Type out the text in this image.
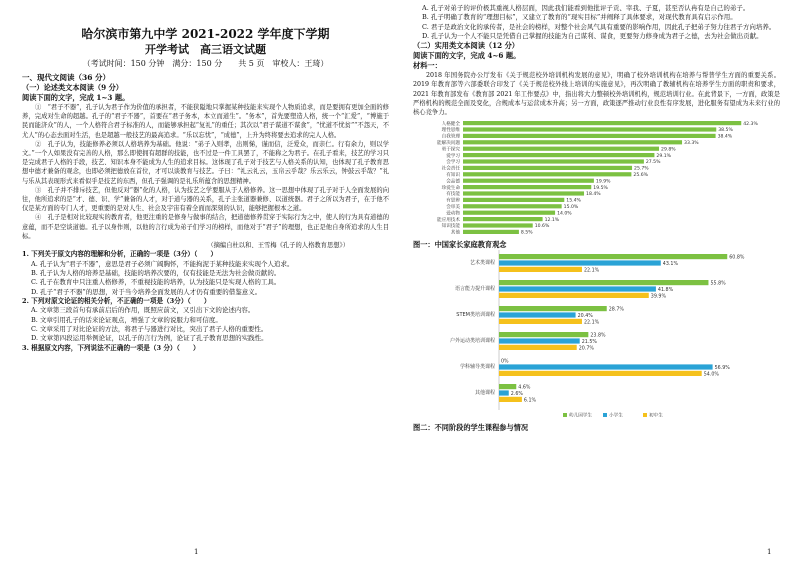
哈尔滨市第九中学 2021-2022 学年度下学期
开学考试　高三语文试题
（考试时间：150 分钟　满分：150 分　　共 5 页　审校人：王琦）
一、现代文阅读（36 分）
（一）论述类文本阅读（9 分）
阅读下面的文字，完成 1~3 题。
①　“君子不器”，孔子认为君子作为价值的承担者，不能狭隘地只掌握某种技能来实现个人物质追求，而是要拥有更加全面的修养，完成对生命的超越。孔子的“君子不器”，首要在“君子务本，本立而道生”。“务本”，首先要塑造人格，统一个“汇爱”，“博施于民而能济众”的人，一个人格符合君子标准的人，而能够承担起“复礼”的重任；其次以“君子谋道不谋食”，“忧道不忧贫”“不怨天，不尤人”的心态去面对生活，也是超越一般技艺的最高追求。“乐以忘忧”，“成德”，上升为终将要去追求的完人人格。
②　孔子认为，技能修养必须以人格培养为基础。他说：“弟子入则孝，出则悌，谨而信，泛爱众，而亲仁。行有余力，则以学文。”一个人如果没有完善的人格，那么即使拥有超群的技能，也不过是一件工具罢了，不能称之为君子。在孔子看来，技艺的学习只是完成君子人格的手段，技艺、知识本身不能成为人生的追求目标。这体现了孔子对于技艺与人格关系的认知，也体现了孔子教育思想中德才兼备的观念，也即必须把德放在首位，才可以谈教育与技艺。子曰：“礼云礼云，玉帛云乎哉？乐云乐云，钟鼓云乎哉？”礼与乐从其表现形式来看似乎是技艺的东西，但孔子强调的是礼乐所蕴含的思想精神。
③　孔子并不排斥技艺，但他反对“器”化的人格，认为技艺之学要服从于人格修养。这一思想中体现了孔子对于人全面发展的向往，他所追求的是“才、德、识、学”兼备的人才，对于道与器的关系，孔子主张道器兼修、以道统器。君子之所以为君子，在于他不仅是某方面的专门人才，更重要的是对人生、社会及宇宙有着全面而深刻的认识，能够把握根本之道。
④　孔子是相对比较现实的教育者，他更注重的是修身与做事的结合，把道德修养贯穿于实际行为之中，使人的行为具有道德的意蕴，而不是空谈道德。孔子以身作则，以他的言行成为弟子们学习的榜样，而他对于“君子”的理想，也正是他自身所追求的人生目标。
（摘编自杜以和、王雪梅《孔子的人格教育思想》）
1. 下列关于原文内容的理解和分析，正确的一项是（3分）（　　）
A. 孔子认为“君子不器”，意思是君子必须广阔胸怀，不能拘泥于某种技能来实现个人追求。
B. 孔子认为人格的培养是基础，技能的培养次要的，仅有技能是无法为社会做贡献的。
C. 孔子在教育中只注重人格修养，不重视技能的培养，认为技能只是实现人格的工具。
D. 孔子“君子不器”的思想，对于当今培养全面发展的人才仍有重要的借鉴意义。
2. 下列对原文论证的相关分析，不正确的一项是（3分）（　　）
A. 文章第三段首句有承前启后的作用，既照应前文，又引出下文的论述内容。
B. 文章引用孔子的话来论证观点，增强了文章的说服力和可信度。
C. 文章采用了对比论证的方法，将君子与器进行对比，突出了君子人格的重要性。
D. 文章第四段运用举例论证，以孔子的言行为例，论证了孔子教育思想的实践性。
3. 根据原文内容，下列说法不正确的一项是（3 分）（　　）
1
A. 孔子对弟子的评价极其重视人格层面，因此我们能看到他批评子贡、宰我、子夏，甚至否认冉有是自己的弟子。
B. 孔子明确了教育的“理想目标”，又建立了教育的“现实目标”并阐释了具体要求，对现代教育具有启示作用。
C. 君子是政治文化的承传者，是社会的榜样，对整个社会风气具有重要的影响作用，因此孔子把弟子努力往君子方向培养。
D. 孔子认为一个人不能只是凭借自己掌握的技能为自己谋利、谋食，更要努力修身成为君子之德，去为社会做出贡献。
（二）实用类文本阅读（12 分）
阅读下面的文字，完成 4~6 题。
材料一：
2018 年国务院办公厅发布《关于规范校外培训机构发展的意见》，明确了校外培训机构在培养与帮普学生方面的重要关系。2019 年教育部等六部委联合印发了《关于规范校外线上培训的实施意见》，再次明确了教辅机构在培养学生方面的职责和要求，2021 年教育部发布《教育部 2021 年工作要点》中，指出将大力整顿校外培训机构，规范培训行业。在此背景下，一方面，政策是严格机构的规范全面及变化，合规成本与运营成本升高；另一方面，政策逐严推动行业良性有序发展，进化服务有望成为未来行业的核心竞争力。
人格健全	42.3%
理性思维	38.5%
自我管理	38.4%
能解决问题	33.3%
勇于探究	29.8%
爱学习	29.1%
会学习	27.5%
社会责任	25.7%
有知识	25.6%
会品德	19.9%
珍爱生命	19.5%
有技能	18.4%
有思辨	15.4%
会审美	15.0%
爱动物	14.0%
能应用技术	12.1%
知识技能	10.6%
其他	8.5%
图一：中国家长家庭教育观念
艺术类课程
60.8%
43.1%
22.1%
语言能力提升课程
55.8%
41.8%
39.9%
STEM类培训课程
28.7%
20.4%
22.1%
户外运动类培训课程
23.8%
21.5%
20.7%
学科辅导类课程
0%
56.9%
54.0%
其他课程
4.6%
2.6%
6.1%
幼儿园学生	小学生	初中生
图二：不同阶段的学生课程参与情况
1
